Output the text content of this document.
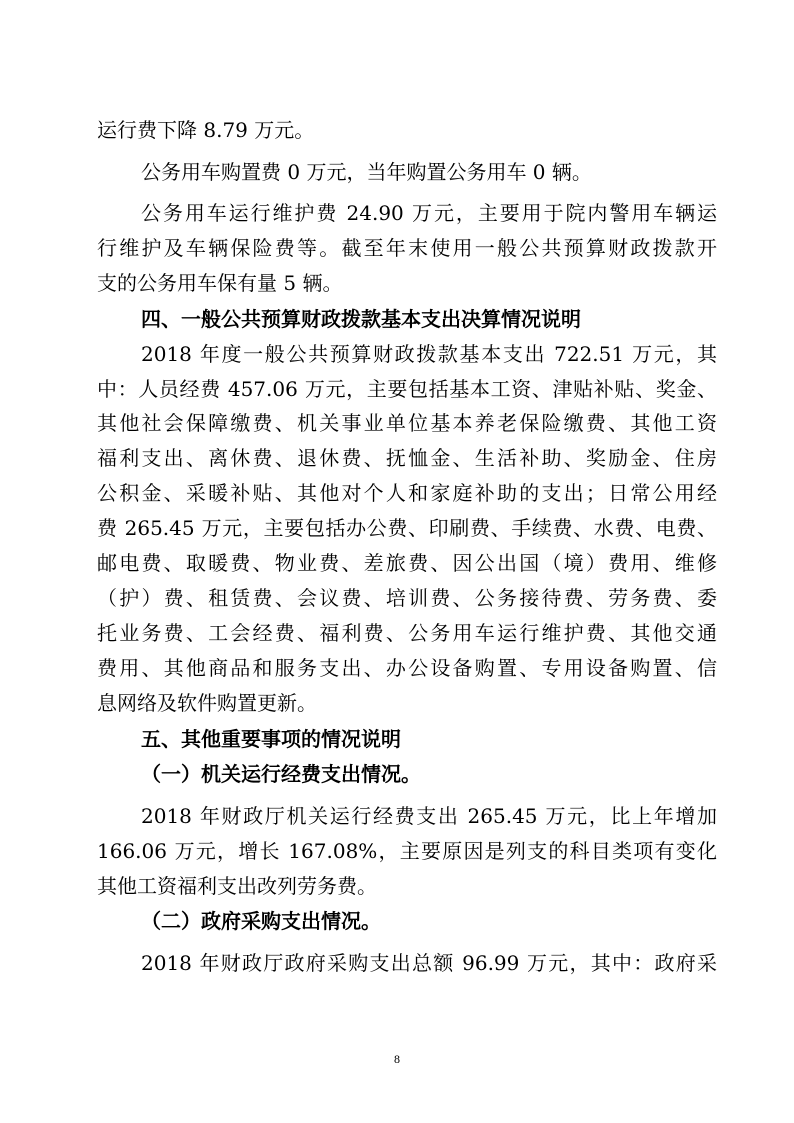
运行费下降 8.79 万元。
公务用车购置费 0 万元，当年购置公务用车 0 辆。
公务用车运行维护费 24.90 万元，主要用于院内警用车辆运
行维护及车辆保险费等。截至年末使用一般公共预算财政拨款开
支的公务用车保有量 5 辆。
四、一般公共预算财政拨款基本支出决算情况说明
2018 年度一般公共预算财政拨款基本支出 722.51 万元，其
中：人员经费 457.06 万元，主要包括基本工资、津贴补贴、奖金、
其他社会保障缴费、机关事业单位基本养老保险缴费、其他工资
福利支出、离休费、退休费、抚恤金、生活补助、奖励金、住房
公积金、采暖补贴、其他对个人和家庭补助的支出；日常公用经
费 265.45 万元，主要包括办公费、印刷费、手续费、水费、电费、
邮电费、取暖费、物业费、差旅费、因公出国（境）费用、维修
（护）费、租赁费、会议费、培训费、公务接待费、劳务费、委
托业务费、工会经费、福利费、公务用车运行维护费、其他交通
费用、其他商品和服务支出、办公设备购置、专用设备购置、信
息网络及软件购置更新。
五、其他重要事项的情况说明
（一）机关运行经费支出情况。
2018 年财政厅机关运行经费支出 265.45 万元，比上年增加
166.06 万元，增长 167.08%，主要原因是列支的科目类项有变化
其他工资福利支出改列劳务费。
（二）政府采购支出情况。
2018 年财政厅政府采购支出总额 96.99 万元，其中：政府采
8
